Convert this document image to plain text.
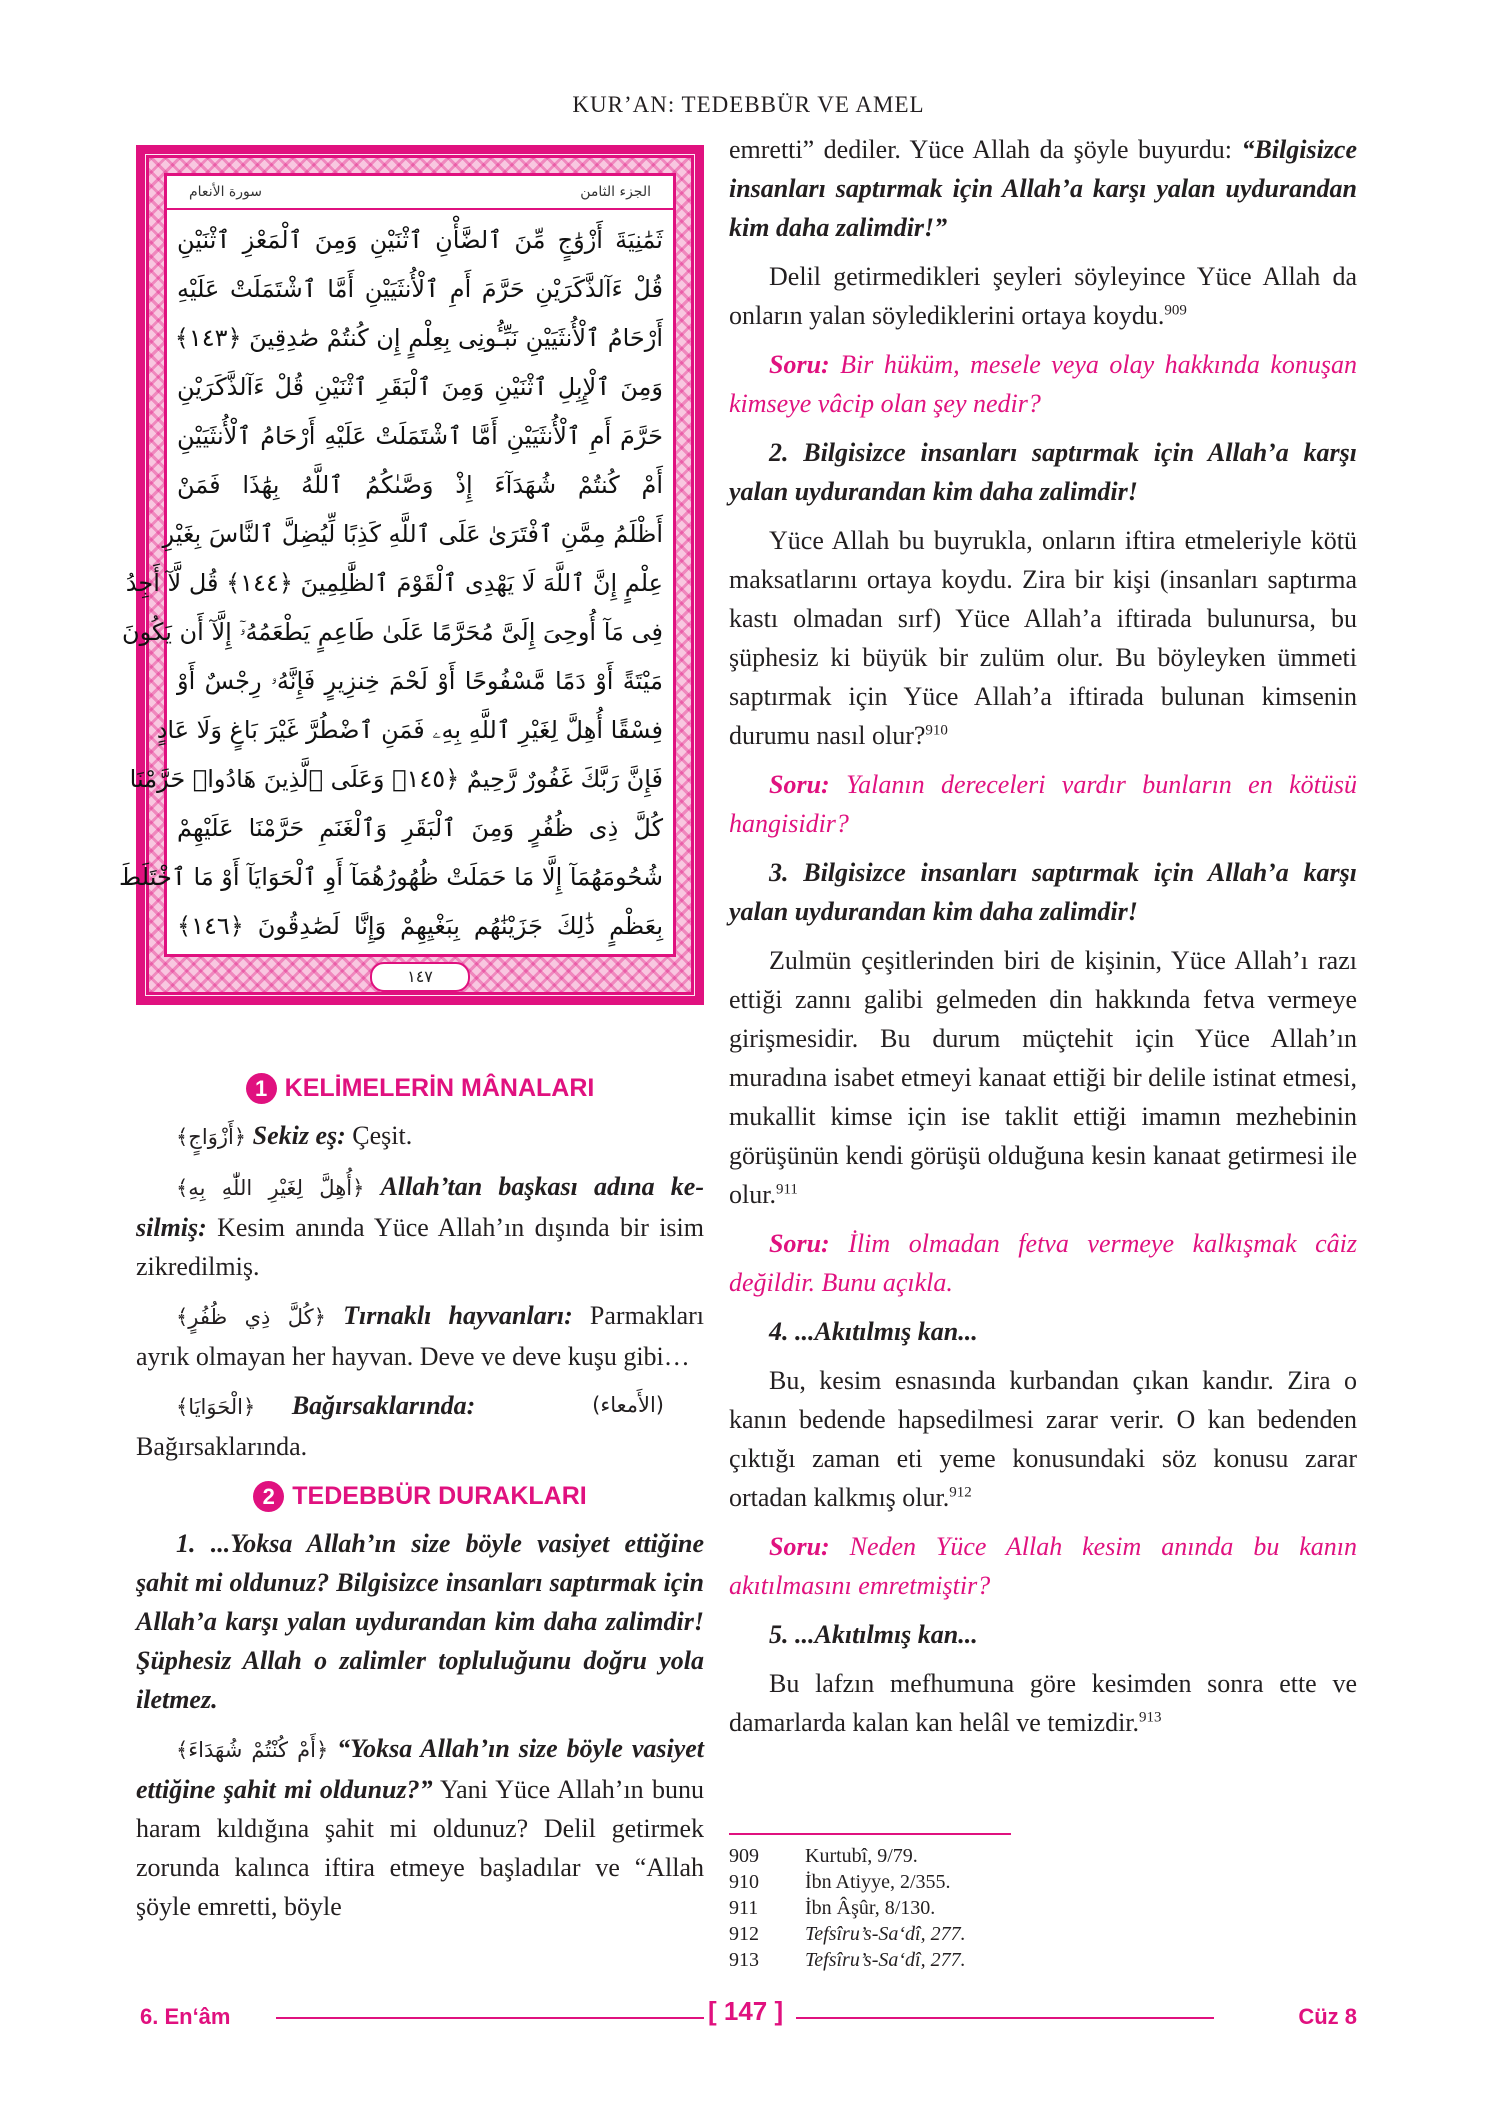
KUR’AN: TEDEBBÜR VE AMEL
الجزء الثامن
سورة الأنعام
ثَمَٰنِيَةَ أَزْوَٰجٍ مِّنَ ٱلضَّأْنِ ٱثْنَيْنِ وَمِنَ ٱلْمَعْزِ ٱثْنَيْنِ
قُلْ ءَآلذَّكَرَيْنِ حَرَّمَ أَمِ ٱلْأُنثَيَيْنِ أَمَّا ٱشْتَمَلَتْ عَلَيْهِ
أَرْحَامُ ٱلْأُنثَيَيْنِ نَبِّـُٔونِى بِعِلْمٍ إِن كُنتُمْ صَٰدِقِينَ ﴿١٤٣﴾
وَمِنَ ٱلْإِبِلِ ٱثْنَيْنِ وَمِنَ ٱلْبَقَرِ ٱثْنَيْنِ قُلْ ءَآلذَّكَرَيْنِ
حَرَّمَ أَمِ ٱلْأُنثَيَيْنِ أَمَّا ٱشْتَمَلَتْ عَلَيْهِ أَرْحَامُ ٱلْأُنثَيَيْنِ
أَمْ كُنتُمْ شُهَدَآءَ إِذْ وَصَّىٰكُمُ ٱللَّهُ بِهَٰذَا فَمَنْ
أَظْلَمُ مِمَّنِ ٱفْتَرَىٰ عَلَى ٱللَّهِ كَذِبًا لِّيُضِلَّ ٱلنَّاسَ بِغَيْرِ
عِلْمٍ إِنَّ ٱللَّهَ لَا يَهْدِى ٱلْقَوْمَ ٱلظَّٰلِمِينَ ﴿١٤٤﴾ قُل لَّآ أَجِدُ
فِى مَآ أُوحِىَ إِلَىَّ مُحَرَّمًا عَلَىٰ طَاعِمٍ يَطْعَمُهُۥٓ إِلَّآ أَن يَكُونَ
مَيْتَةً أَوْ دَمًا مَّسْفُوحًا أَوْ لَحْمَ خِنزِيرٍ فَإِنَّهُۥ رِجْسٌ أَوْ
فِسْقًا أُهِلَّ لِغَيْرِ ٱللَّهِ بِهِۦ فَمَنِ ٱضْطُرَّ غَيْرَ بَاغٍ وَلَا عَادٍ
فَإِنَّ رَبَّكَ غَفُورٌ رَّحِيمٌ ﴿١٤٥﴾ وَعَلَى ٱلَّذِينَ هَادُوا۟ حَرَّمْنَا
كُلَّ ذِى ظُفُرٍ وَمِنَ ٱلْبَقَرِ وَٱلْغَنَمِ حَرَّمْنَا عَلَيْهِمْ
شُحُومَهُمَآ إِلَّا مَا حَمَلَتْ ظُهُورُهُمَآ أَوِ ٱلْحَوَايَآ أَوْ مَا ٱخْتَلَطَ
بِعَظْمٍ ذَٰلِكَ جَزَيْنَٰهُم بِبَغْيِهِمْ وَإِنَّا لَصَٰدِقُونَ ﴿١٤٦﴾
١٤٧
1 KELİMELERİN MÂNALARI

﴿أَزْوَاجٍ﴾ Sekiz eş: Çeşit.

﴿أُهِلَّ لِغَيْرِ اللّٰهِ بِهِ﴾ Allah’tan başkası adına ke-silmiş: Kesim anında Yüce Allah’ın dışında bir isim zikredilmiş.

﴿كُلَّ ذِي ظُفُرٍ﴾ Tırnaklı hayvanları: Parmakları ayrık olmayan her hayvan. Deve ve deve kuşu gibi…

﴿الْحَوَايَا﴾ Bağırsaklarında:	(الأَمعاء)

Bağırsaklarında.

2 TEDEBBÜR DURAKLARI

1. ...Yoksa Allah’ın size böyle vasiyet ettiğine şahit mi oldunuz? Bilgisizce insanları saptırmak için Allah’a karşı yalan uydurandan kim daha zalimdir! Şüphesiz Allah o zalimler topluluğunu doğru yola iletmez.

﴿أَمْ كُنْتُمْ شُهَدَاءَ﴾ “Yoksa Allah’ın size böyle vasiyet ettiğine şahit mi oldunuz?” Yani Yüce Allah’ın bunu haram kıldığına şahit mi oldunuz? Delil getirmek zorunda kalınca iftira etmeye başladılar ve “Allah şöyle emretti, böyle

emretti” dediler. Yüce Allah da şöyle buyurdu: “Bilgisizce insanları saptırmak için Allah’a karşı yalan uydurandan kim daha zalimdir!”

Delil getirmedikleri şeyleri söyleyince Yüce Allah da onların yalan söylediklerini ortaya koydu.$^{909}$

Soru: Bir hüküm, mesele veya olay hakkında konuşan kimseye vâcip olan şey nedir?

2. Bilgisizce insanları saptırmak için Allah’a karşı yalan uydurandan kim daha zalimdir!

Yüce Allah bu buyrukla, onların iftira etmeleriyle kötü maksatlarını ortaya koydu. Zira bir kişi (insanları saptırma kastı olmadan sırf) Yüce Allah’a iftirada bulunursa, bu şüphesiz ki büyük bir zulüm olur. Bu böyleyken ümmeti saptırmak için Yüce Allah’a iftirada bulunan kimsenin durumu nasıl olur?$^{910}$

Soru: Yalanın dereceleri vardır bunların en kötüsü hangisidir?

3. Bilgisizce insanları saptırmak için Allah’a karşı yalan uydurandan kim daha zalimdir!

Zulmün çeşitlerinden biri de kişinin, Yüce Allah’ı razı ettiği zannı galibi gelmeden din hakkında fetva vermeye girişmesidir. Bu durum müçtehit için Yüce Allah’ın muradına isabet etmeyi kanaat ettiği bir delile istinat etmesi, mukallit kimse için ise taklit ettiği imamın mezhebinin görüşünün kendi görüşü olduğuna kesin kanaat getirmesi ile olur.$^{911}$

Soru: İlim olmadan fetva vermeye kalkışmak câiz değildir. Bunu açıkla.

4. ...Akıtılmış kan...

Bu, kesim esnasında kurbandan çıkan kandır. Zira o kanın bedende hapsedilmesi zarar verir. O kan bedenden çıktığı zaman eti yeme konusundaki söz konusu zarar ortadan kalkmış olur.$^{912}$

Soru: Neden Yüce Allah kesim anında bu kanın akıtılmasını emretmiştir?

5. ...Akıtılmış kan...

Bu lafzın mefhumuna göre kesimden sonra ette ve damarlarda kalan kan helâl ve temizdir.$^{913}$

909	Kurtubî, 9/79.
910	İbn Atiyye, 2/355.
911	İbn Âşûr, 8/130.
912	Tefsîru’s-Sa‘dî, 277.
913	Tefsîru’s-Sa‘dî, 277.
6. En‘âm	[ 147 ]	Cüz 8
